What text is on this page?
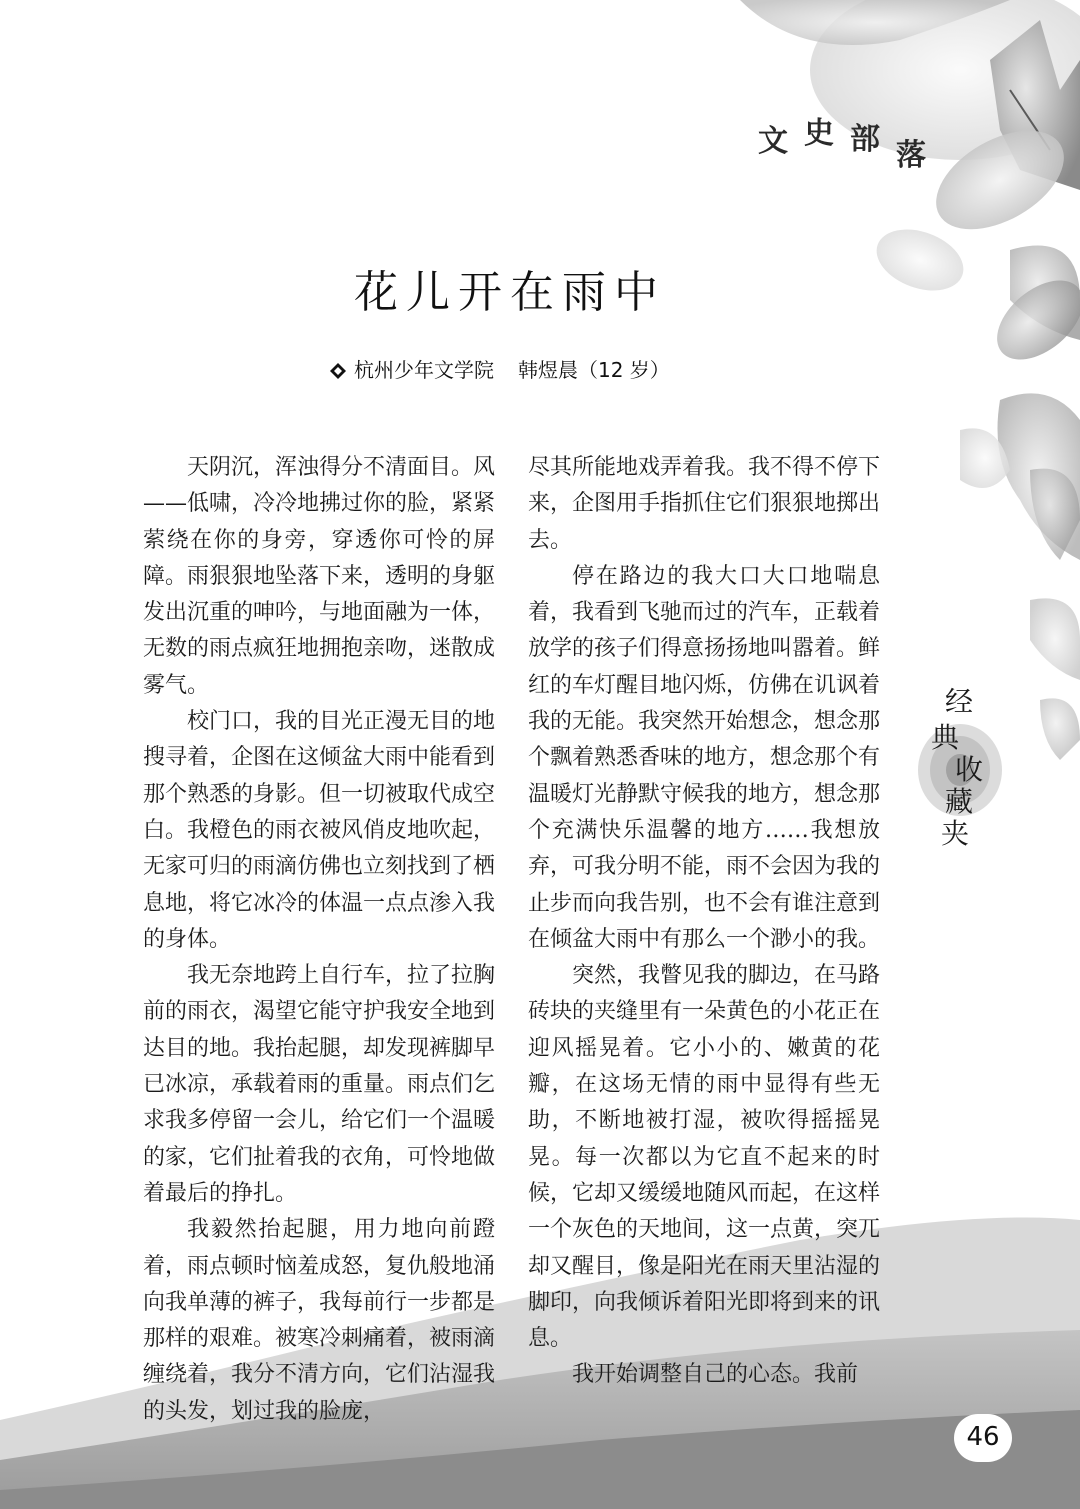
文 史 部 落
花儿开在雨中
杭州少年文学院 韩煜晨（12 岁）

天阴沉，浑浊得分不清面目。风——低啸，冷冷地拂过你的脸，紧紧萦绕在你的身旁，穿透你可怜的屏障。雨狠狠地坠落下来，透明的身躯发出沉重的呻吟，与地面融为一体，无数的雨点疯狂地拥抱亲吻，迷散成雾气。

校门口，我的目光正漫无目的地搜寻着，企图在这倾盆大雨中能看到那个熟悉的身影。但一切被取代成空白。我橙色的雨衣被风俏皮地吹起，无家可归的雨滴仿佛也立刻找到了栖息地，将它冰冷的体温一点点渗入我的身体。

我无奈地跨上自行车，拉了拉胸前的雨衣，渴望它能守护我安全地到达目的地。我抬起腿，却发现裤脚早已冰凉，承载着雨的重量。雨点们乞求我多停留一会儿，给它们一个温暖的家，它们扯着我的衣角，可怜地做着最后的挣扎。

我毅然抬起腿，用力地向前蹬着，雨点顿时恼羞成怒，复仇般地涌向我单薄的裤子，我每前行一步都是那样的艰难。被寒冷刺痛着，被雨滴缠绕着，我分不清方向，它们沾湿我的头发，划过我的脸庞，

尽其所能地戏弄着我。我不得不停下来，企图用手指抓住它们狠狠地掷出去。

停在路边的我大口大口地喘息着，我看到飞驰而过的汽车，正载着放学的孩子们得意扬扬地叫嚣着。鲜红的车灯醒目地闪烁，仿佛在讥讽着我的无能。我突然开始想念，想念那个飘着熟悉香味的地方，想念那个有温暖灯光静默守候我的地方，想念那个充满快乐温馨的地方……我想放弃，可我分明不能，雨不会因为我的止步而向我告别，也不会有谁注意到在倾盆大雨中有那么一个渺小的我。

突然，我瞥见我的脚边，在马路砖块的夹缝里有一朵黄色的小花正在迎风摇晃着。它小小的、嫩黄的花瓣，在这场无情的雨中显得有些无助，不断地被打湿，被吹得摇摇晃晃。每一次都以为它直不起来的时候，它却又缓缓地随风而起，在这样一个灰色的天地间，这一点黄，突兀却又醒目，像是阳光在雨天里沾湿的脚印，向我倾诉着阳光即将到来的讯息。

我开始调整自己的心态。我前

经
典
收
藏
夹
46
